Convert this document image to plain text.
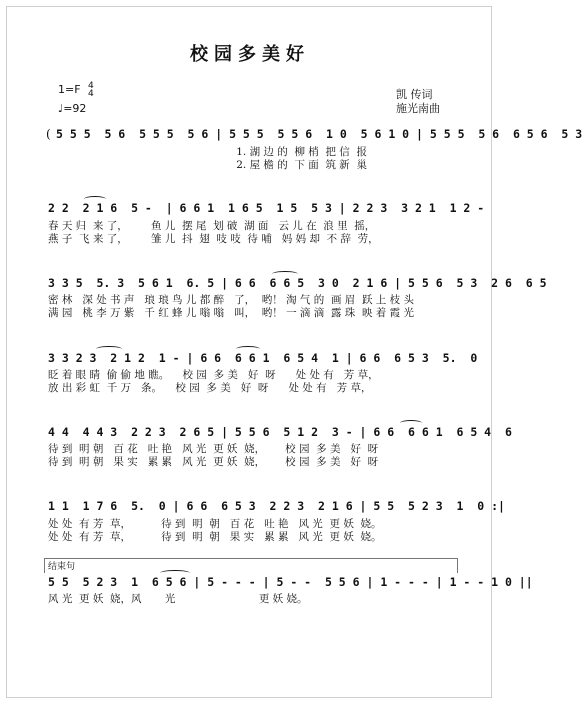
校园多美好
1=F 4
4
♩=92
凯 传词
施光南曲
( 5 5 5  5 6  5 5 5  5 6 | 5 5 5  5 5 6  1 0  5 6 1 0 | 5 5 5  5 6  6 5 6  5 3
1. 湖 边 的  柳 梢  把 信  报
2. 屋 檐 的  下 面  筑 新  巢
2 2  2 1 6  5 -  | 6 6 1  1 6 5  1 5  5 3 | 2 2 3  3 2 1  1 2 -
春 天 归  来 了，       鱼 儿  摆 尾  划 破  湖 面   云 儿 在  浪 里  摇，
燕 子  飞 来 了，       雏 儿  抖  翅  吱 吱  待 哺   妈 妈 却  不 辞  劳，
3 3 5  5. 3  5 6 1  6. 5 | 6 6  6 6 5  3 0  2 1 6 | 5 5 6  5 3  2 6  6 5
密 林   深 处 书 声   琅 琅 鸟 儿 都 醉   了，  哟！ 淘 气 的  画 眉  跃 上 枝 头
满 园   桃 李 万 紫   千 红 蜂 儿 嗡 嗡   叫，  哟！ 一 滴 滴  露 珠  映 着 霞 光
3 3 2 3  2 1 2  1 - | 6 6  6 6 1  6 5 4  1 | 6 6  6 5 3  5.  0
眨 着 眼 睛  偷 偷 地 瞧。    校 园  多 美   好  呀      处 处 有   芳 草，
放 出 彩 虹  千 万   条。    校 园  多 美   好  呀      处 处 有   芳 草，
4 4  4 4 3  2 2 3  2 6 5 | 5 5 6  5 1 2  3 - | 6 6  6 6 1  6 5 4  6
待 到  明 朝   百 花   吐 艳   风 光  更 妖  娆，      校 园  多 美   好  呀
待 到  明 朝   果 实   累 累   风 光  更 妖  娆，      校 园  多 美   好  呀
1 1  1 7 6  5.  0 | 6 6  6 5 3  2 2 3  2 1 6 | 5 5  5 2 3  1  0 :|
处 处  有 芳  草，         待 到  明  朝   百 花   吐 艳   风 光  更 妖  娆。
处 处  有 芳  草，         待 到  明  朝   果 实   累 累   风 光  更 妖  娆。
结束句
5 5  5 2 3  1  6 5 6 | 5 - - - | 5 - -  5 5 6 | 1 - - - | 1 - - 1 0 ||
风 光  更 妖  娆，风       光                         更 妖 娆。
